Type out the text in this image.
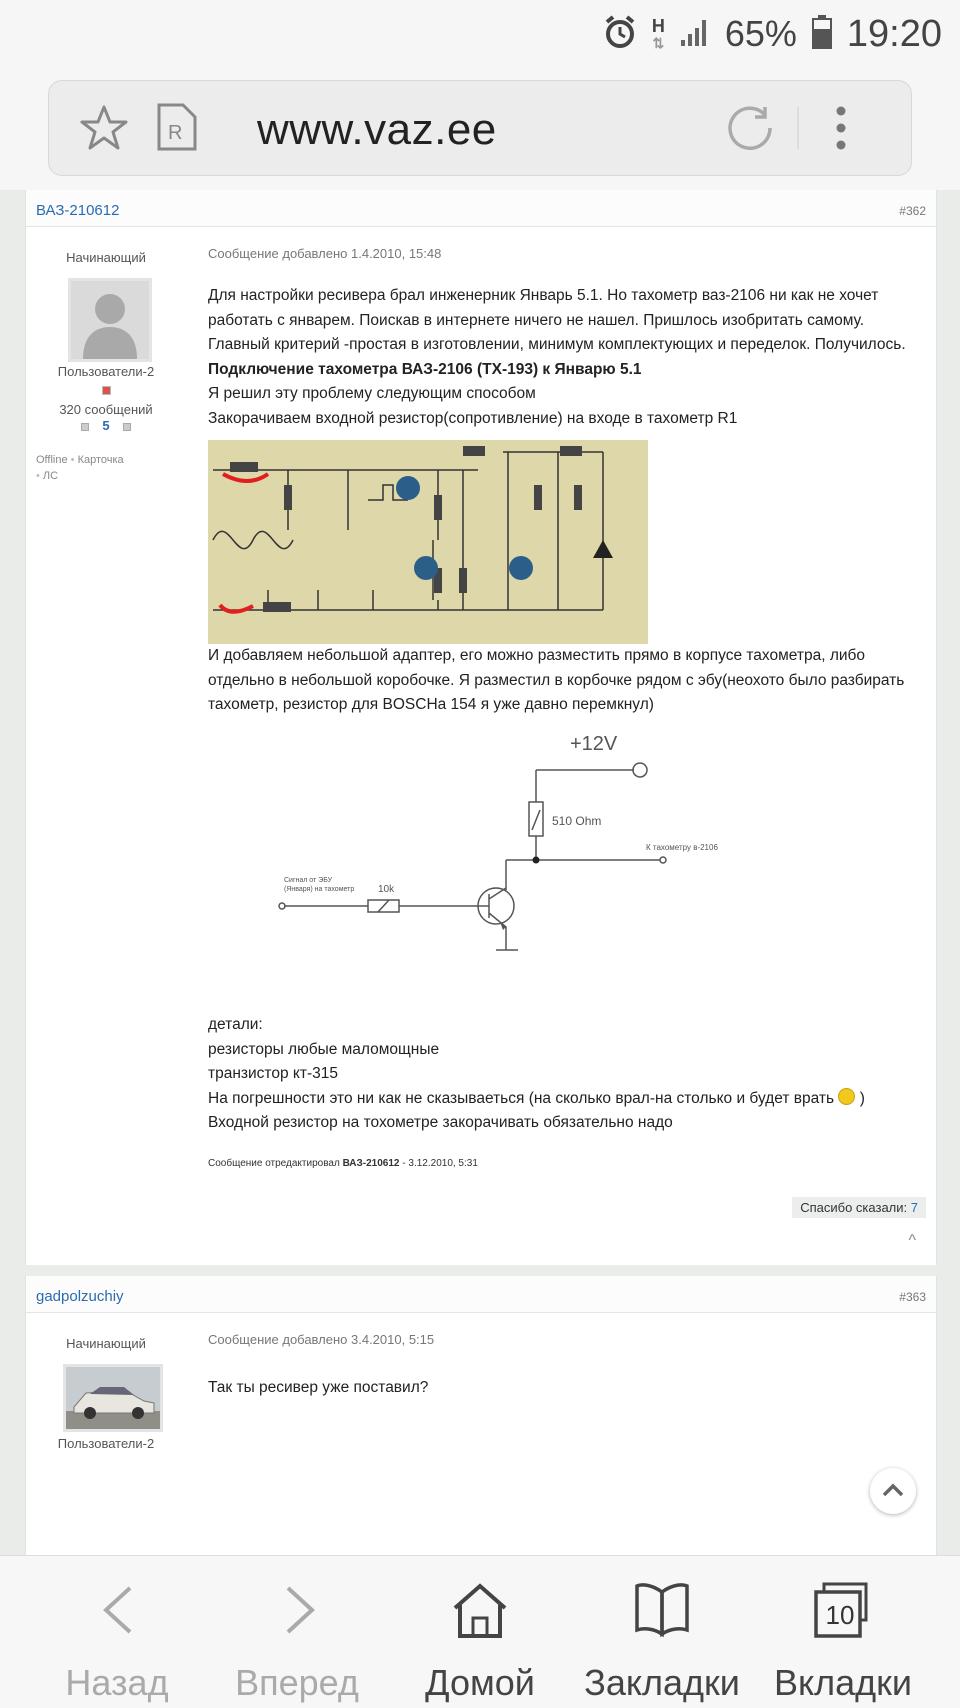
H
⇅ 65% 19:20
R www.vaz.ee
ВАЗ-210612	#362
Начинающий
Пользователи-2
320 сообщений
5
Offline • Карточка
• ЛС
Сообщение добавлено 1.4.2010, 15:48

Для настройки ресивера брал инженерник Январь 5.1. Но тахометр ваз-2106 ни как не хочет работать с январем. Поискав в интернете ничего не нашел. Пришлось изобритать самому. Главный критерий -простая в изготовлении, минимум комплектующих и переделок. Получилось.

Подключение тахометра ВАЗ-2106 (ТХ-193) к Январю 5.1

Я решил эту проблему следующим способом

Закорачиваем входной резистор(сопротивление) на входе в тахометр R1

И добавляем небольшой адаптер, его можно разместить прямо в корпусе тахометра, либо отдельно в небольшой коробочке. Я разместил в корбочке рядом с эбу(неохото было разбирать тахометр, резистор для BOSCHа 154 я уже давно перемкнул)

+12V
510 Ohm
К тахометру в-2106
Сигнал от ЭБУ
(Января) на тахометр 10k

детали:

резисторы любые маломощные

транзистор кт-315

На погрешности это ни как не сказываеться (на сколько врал-на столько и будет врать )

Входной резистор на тохометре закорачивать обязательно надо

Сообщение отредактировал ВАЗ-210612 - 3.12.2010, 5:31
Спасибо сказали: 7
^
gadpolzuchiy	#363
Начинающий
Пользователи-2
Сообщение добавлено 3.4.2010, 5:15
Так ты ресивер уже поставил?
Назад	Вперед	Домой	Закладки
10
Вкладки
